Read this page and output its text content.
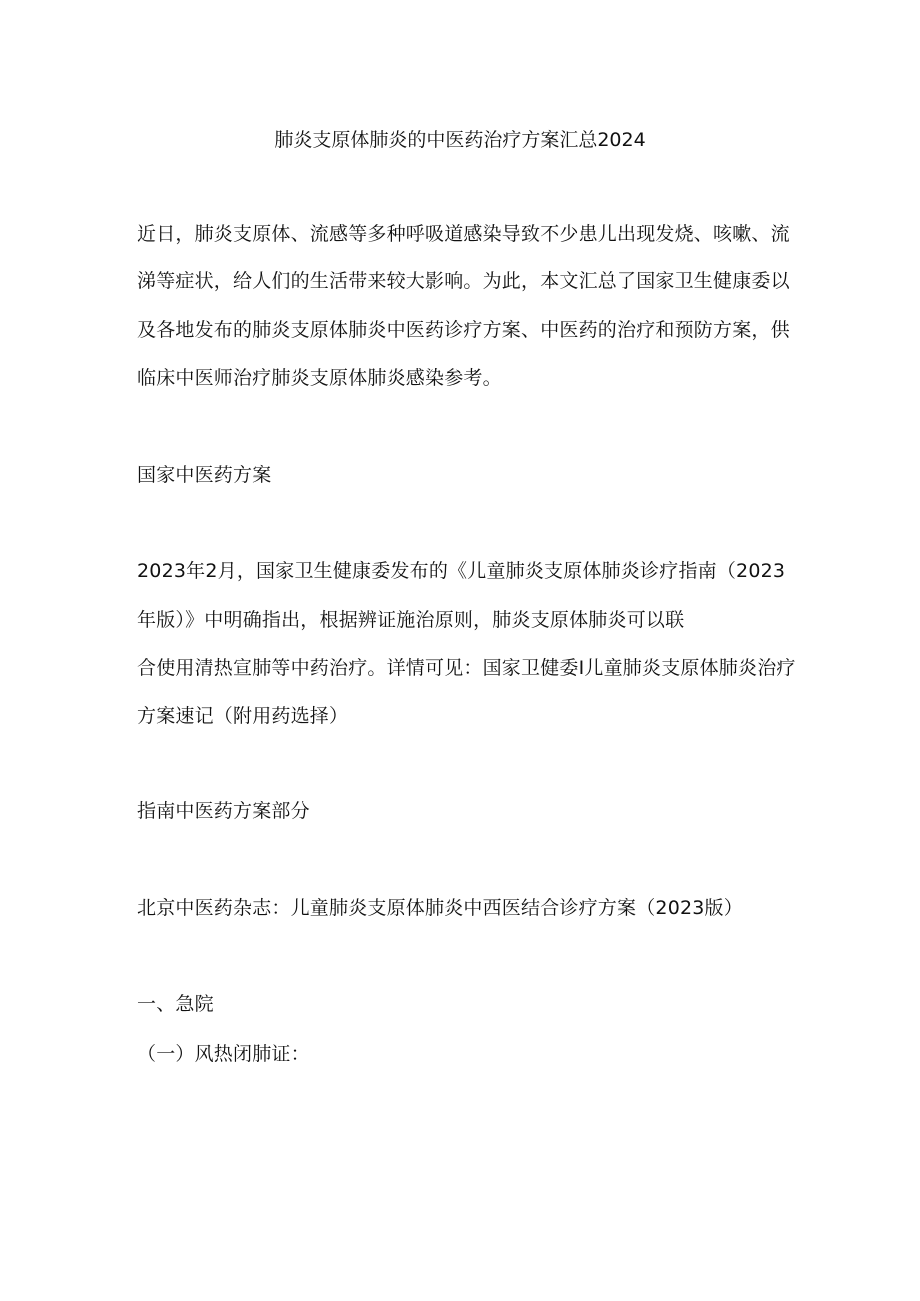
肺炎支原体肺炎的中医药治疗方案汇总2024
近日，肺炎支原体、流感等多种呼吸道感染导致不少患儿出现发烧、咳嗽、流
涕等症状，给人们的生活带来较大影响。为此，本文汇总了国家卫生健康委以
及各地发布的肺炎支原体肺炎中医药诊疗方案、中医药的治疗和预防方案，供
临床中医师治疗肺炎支原体肺炎感染参考。
国家中医药方案
2023年2月，国家卫生健康委发布的《儿童肺炎支原体肺炎诊疗指南（2023
年版）》中明确指出，根据辨证施治原则，肺炎支原体肺炎可以联
合使用清热宣肺等中药治疗。详情可见：国家卫健委Ⅰ儿童肺炎支原体肺炎治疗
方案速记（附用药选择）
指南中医药方案部分
北京中医药杂志：儿童肺炎支原体肺炎中西医结合诊疗方案（2023版）
一、急院
（一）风热闭肺证：
